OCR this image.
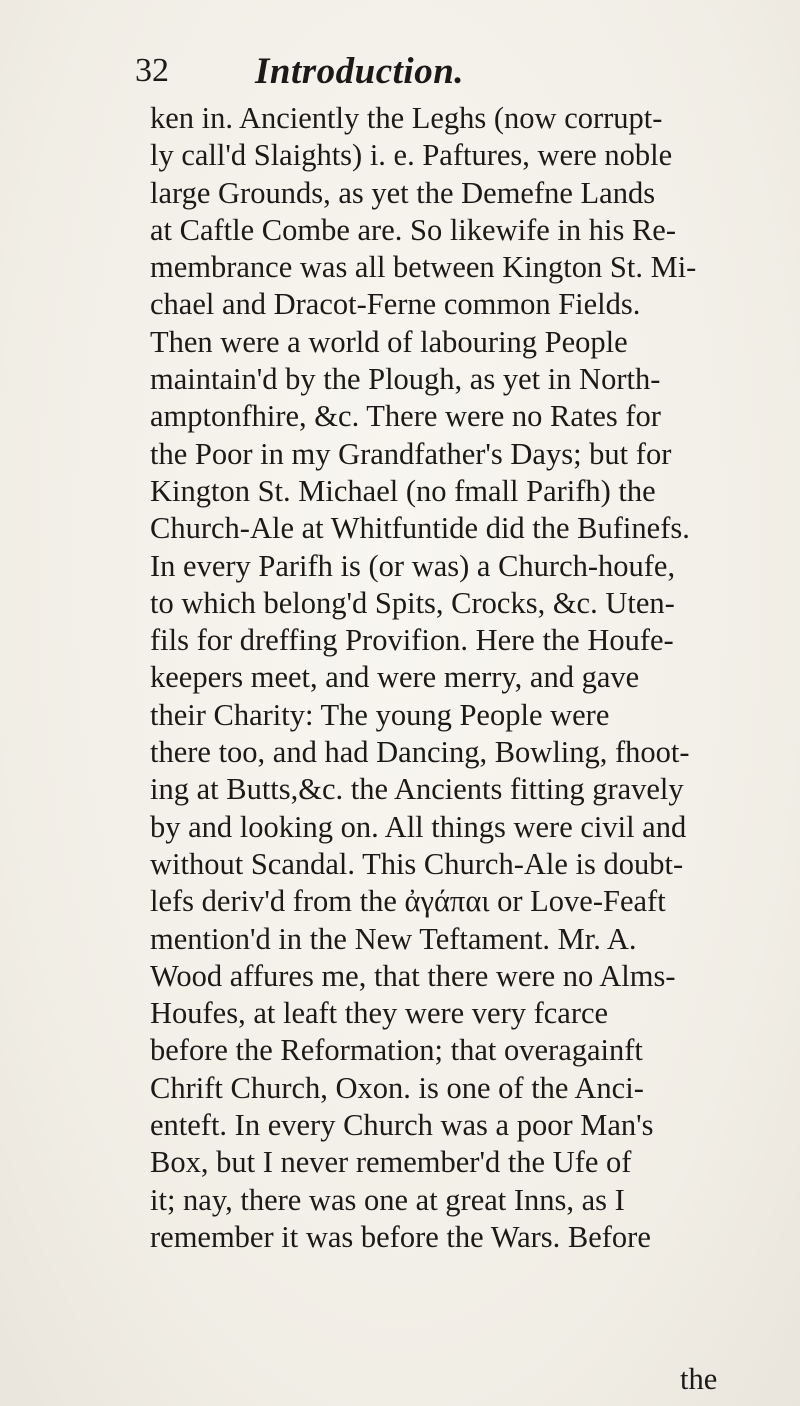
32 Introduction.
ken in. Anciently the Leghs (now corrupt-
ly call'd Slaights) i. e. Paftures, were noble
large Grounds, as yet the Demefne Lands
at Caftle Combe are. So likewife in his Re-
membrance was all between Kington St. Mi-
chael and Dracot-Ferne common Fields.
Then were a world of labouring People
maintain'd by the Plough, as yet in North-
amptonfhire, &c. There were no Rates for
the Poor in my Grandfather's Days; but for
Kington St. Michael (no fmall Parifh) the
Church-Ale at Whitfuntide did the Bufinefs.
In every Parifh is (or was) a Church-houfe,
to which belong'd Spits, Crocks, &c. Uten-
fils for dreffing Provifion. Here the Houfe-
keepers meet, and were merry, and gave
their Charity: The young People were
there too, and had Dancing, Bowling, fhoot-
ing at Butts,&c. the Ancients fitting gravely
by and looking on. All things were civil and
without Scandal. This Church-Ale is doubt-
lefs deriv'd from the ἀγάπαι or Love-Feaft
mention'd in the New Teftament. Mr. A.
Wood affures me, that there were no Alms-
Houfes, at leaft they were very fcarce
before the Reformation; that overagainft
Chrift Church, Oxon. is one of the Anci-
enteft. In every Church was a poor Man's
Box, but I never remember'd the Ufe of
it; nay, there was one at great Inns, as I
remember it was before the Wars. Before
the
